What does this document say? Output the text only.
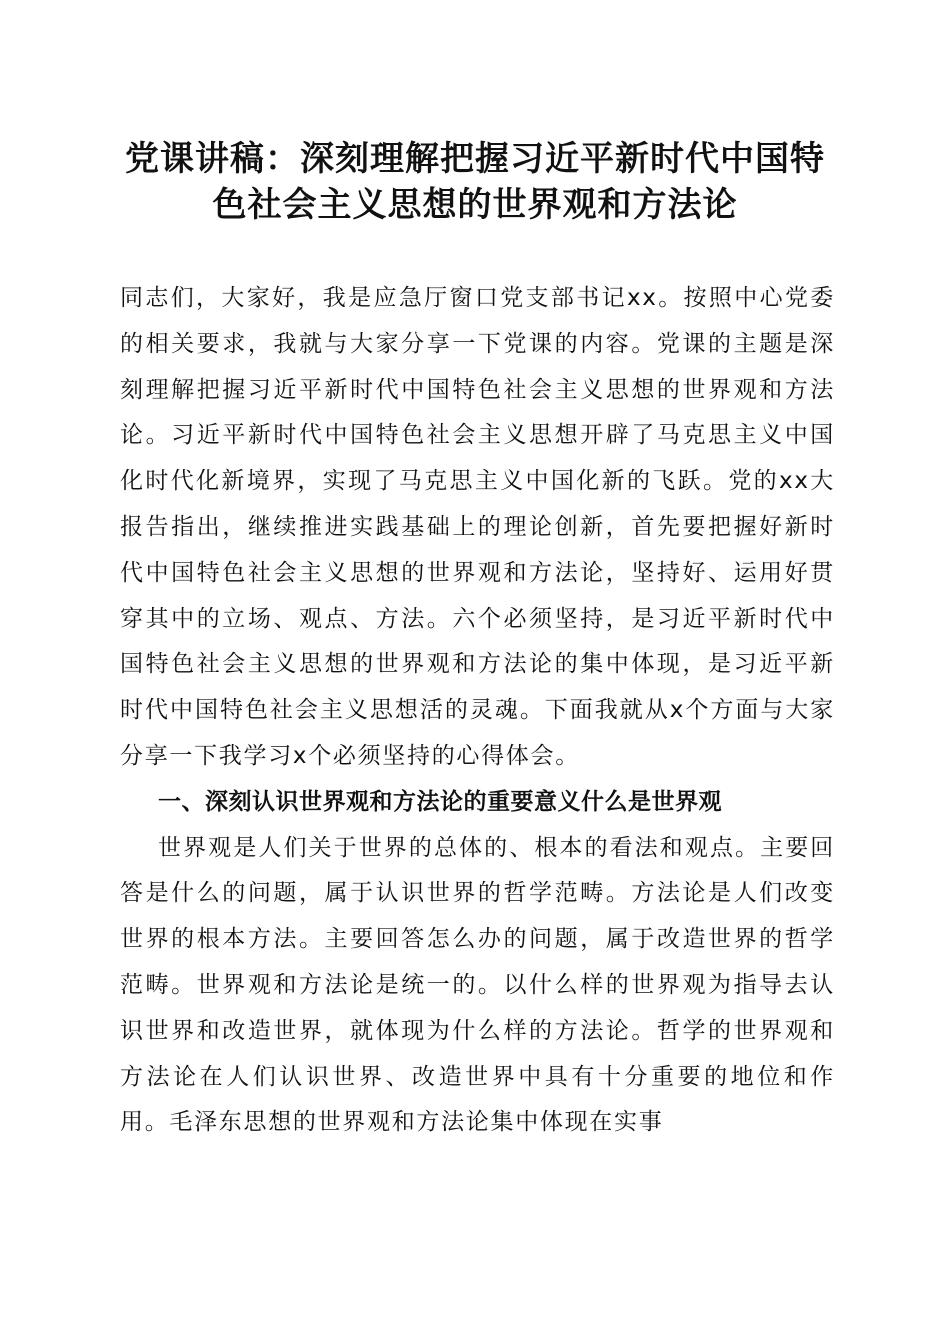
党课讲稿：深刻理解把握习近平新时代中国特
色社会主义思想的世界观和方法论

同志们，大家好，我是应急厅窗口党支部书记xx。按照中心党委的相关要求，我就与大家分享一下党课的内容。党课的主题是深刻理解把握习近平新时代中国特色社会主义思想的世界观和方法论。习近平新时代中国特色社会主义思想开辟了马克思主义中国化时代化新境界，实现了马克思主义中国化新的飞跃。党的xx大报告指出，继续推进实践基础上的理论创新，首先要把握好新时代中国特色社会主义思想的世界观和方法论，坚持好、运用好贯穿其中的立场、观点、方法。六个必须坚持，是习近平新时代中国特色社会主义思想的世界观和方法论的集中体现，是习近平新时代中国特色社会主义思想活的灵魂。下面我就从x个方面与大家分享一下我学习x个必须坚持的心得体会。

一、深刻认识世界观和方法论的重要意义什么是世界观

世界观是人们关于世界的总体的、根本的看法和观点。主要回答是什么的问题，属于认识世界的哲学范畴。方法论是人们改变世界的根本方法。主要回答怎么办的问题，属于改造世界的哲学范畴。世界观和方法论是统一的。以什么样的世界观为指导去认识世界和改造世界，就体现为什么样的方法论。哲学的世界观和方法论在人们认识世界、改造世界中具有十分重要的地位和作用。毛泽东思想的世界观和方法论集中体现在实事
